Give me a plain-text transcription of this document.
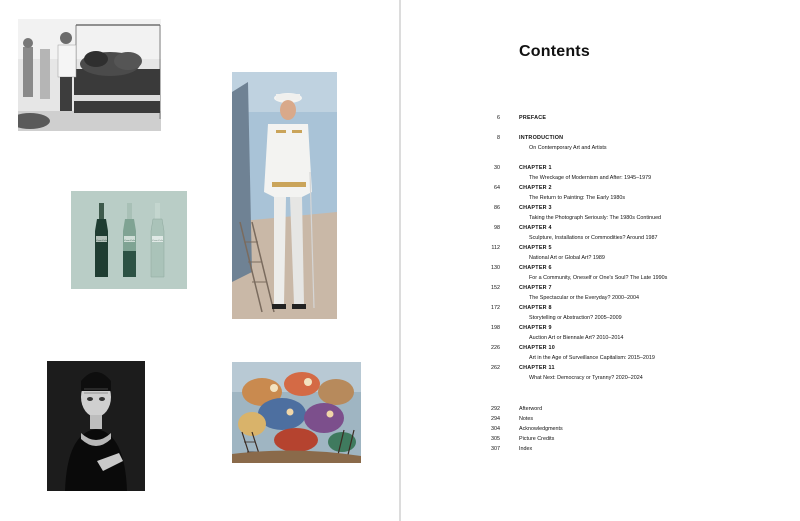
Coca-Cola	Coca-Cola	Coca-Cola
Contents
6	PREFACE
8	INTRODUCTION
On Contemporary Art and Artists
30	CHAPTER 1
The Wreckage of Modernism and After: 1945–1979
64	CHAPTER 2
The Return to Painting: The Early 1980s
86	CHAPTER 3
Taking the Photograph Seriously: The 1980s Continued
98	CHAPTER 4
Sculpture, Installations or Commodities? Around 1987
112	CHAPTER 5
National Art or Global Art? 1989
130	CHAPTER 6
For a Community, Oneself or One's Soul? The Late 1990s
152	CHAPTER 7
The Spectacular or the Everyday? 2000–2004
172	CHAPTER 8
Storytelling or Abstraction? 2005–2009
198	CHAPTER 9
Auction Art or Biennale Art? 2010–2014
226	CHAPTER 10
Art in the Age of Surveillance Capitalism: 2015–2019
262	CHAPTER 11
What Next: Democracy or Tyranny? 2020–2024
292	Afterword
294	Notes
304	Acknowledgments
305	Picture Credits
307	Index
